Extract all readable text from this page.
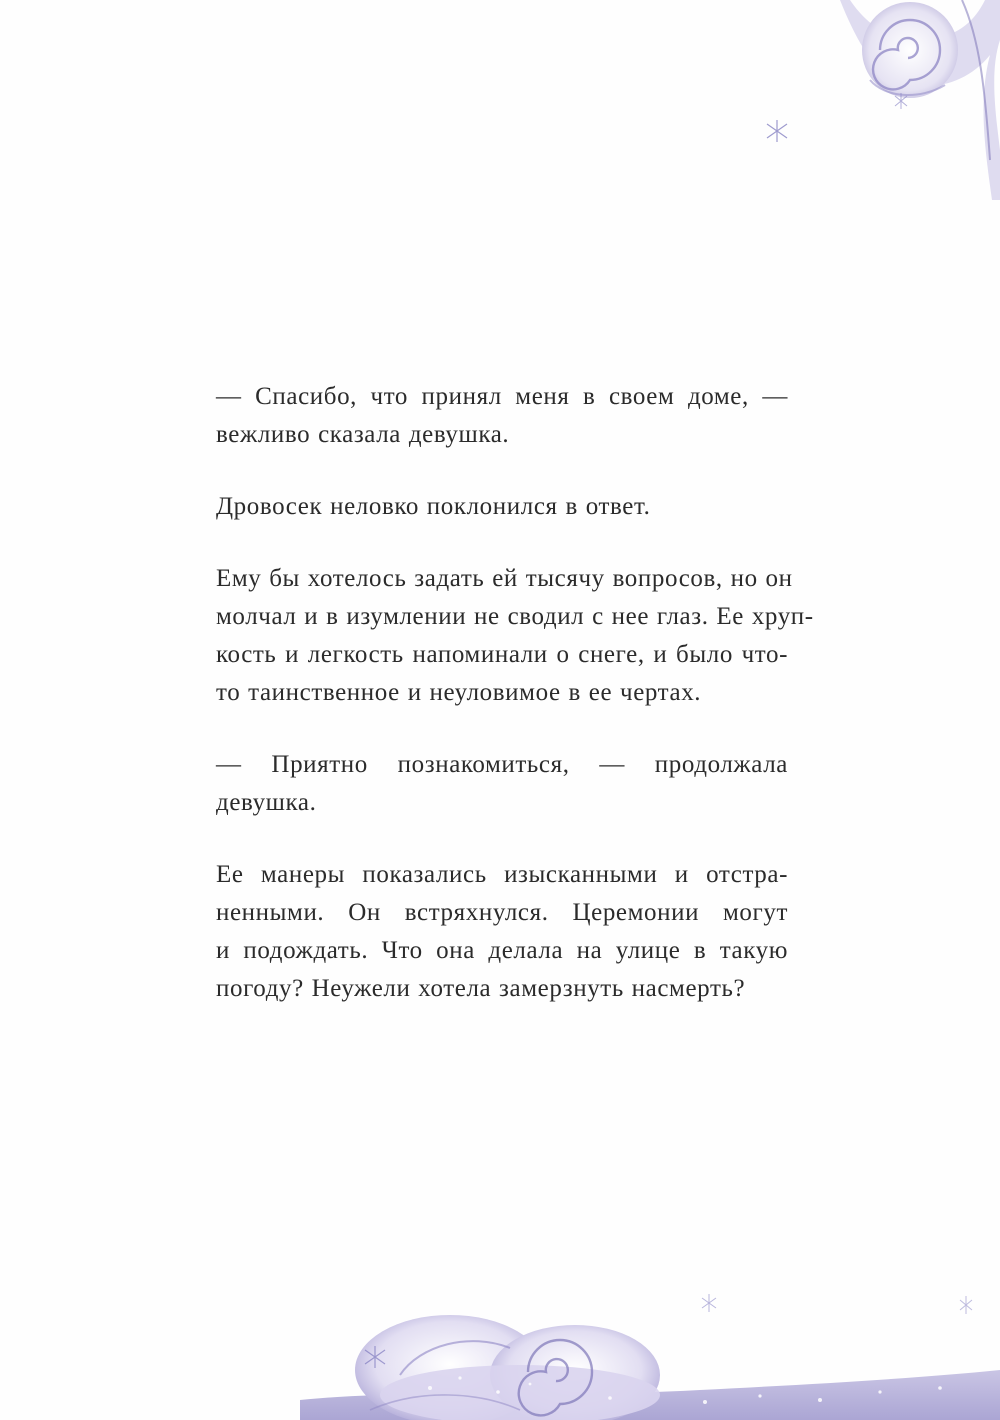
— Спасибо, что принял меня в своем доме, —
вежливо сказала девушка.

Дровосек неловко поклонился в ответ.

Ему бы хотелось задать ей тысячу вопросов, но он
молчал и в изумлении не сводил с нее глаз. Ее хруп-
кость и легкость напоминали о снеге, и было что-
то таинственное и неуловимое в ее чертах.

— Приятно познакомиться, — продолжала
девушка.

Ее манеры показались изысканными и отстра-
ненными. Он встряхнулся. Церемонии могут
и подождать. Что она делала на улице в такую
погоду? Неужели хотела замерзнуть насмерть?
